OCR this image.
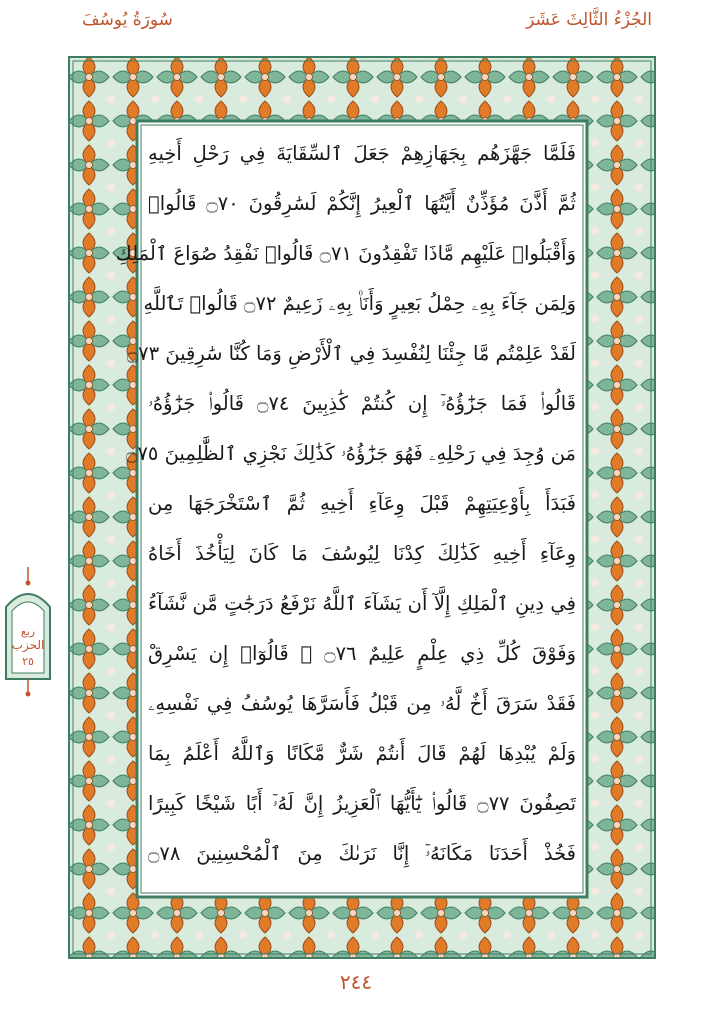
سُورَةُ يُوسُفَ	الجُزْءُ الثَّالِثَ عَشَرَ
فَلَمَّا جَهَّزَهُم بِجَهَازِهِمْ جَعَلَ ٱلسِّقَايَةَ فِي رَحْلِ أَخِيهِ
ثُمَّ أَذَّنَ مُؤَذِّنٌ أَيَّتُهَا ٱلْعِيرُ إِنَّكُمْ لَسَٰرِقُونَ ۝٧٠ قَالُوا۟
وَأَقْبَلُوا۟ عَلَيْهِم مَّاذَا تَفْقِدُونَ ۝٧١ قَالُوا۟ نَفْقِدُ صُوَاعَ ٱلْمَلِكِ
وَلِمَن جَآءَ بِهِۦ حِمْلُ بَعِيرٍ وَأَنَا۠ بِهِۦ زَعِيمٌ ۝٧٢ قَالُوا۟ تَٱللَّهِ
لَقَدْ عَلِمْتُم مَّا جِئْنَا لِنُفْسِدَ فِي ٱلْأَرْضِ وَمَا كُنَّا سَٰرِقِينَ ۝٧٣
قَالُوا۟ فَمَا جَزَٰٓؤُهُۥٓ إِن كُنتُمْ كَٰذِبِينَ ۝٧٤ قَالُوا۟ جَزَٰٓؤُهُۥ
مَن وُجِدَ فِي رَحْلِهِۦ فَهُوَ جَزَٰٓؤُهُۥ كَذَٰلِكَ نَجْزِي ٱلظَّٰلِمِينَ ۝٧٥
فَبَدَأَ بِأَوْعِيَتِهِمْ قَبْلَ وِعَآءِ أَخِيهِ ثُمَّ ٱسْتَخْرَجَهَا مِن
وِعَآءِ أَخِيهِ كَذَٰلِكَ كِدْنَا لِيُوسُفَ مَا كَانَ لِيَأْخُذَ أَخَاهُ
فِي دِينِ ٱلْمَلِكِ إِلَّآ أَن يَشَآءَ ٱللَّهُ نَرْفَعُ دَرَجَٰتٍ مَّن نَّشَآءُ
وَفَوْقَ كُلِّ ذِي عِلْمٍ عَلِيمٌ ۝٧٦ ۞ قَالُوٓا۟ إِن يَسْرِقْ
فَقَدْ سَرَقَ أَخٌ لَّهُۥ مِن قَبْلُ فَأَسَرَّهَا يُوسُفُ فِي نَفْسِهِۦ
وَلَمْ يُبْدِهَا لَهُمْ قَالَ أَنتُمْ شَرٌّ مَّكَانًا وَٱللَّهُ أَعْلَمُ بِمَا
تَصِفُونَ ۝٧٧ قَالُوا۟ يَٰٓأَيُّهَا ٱلْعَزِيزُ إِنَّ لَهُۥٓ أَبًا شَيْخًا كَبِيرًا
فَخُذْ أَحَدَنَا مَكَانَهُۥٓ إِنَّا نَرَىٰكَ مِنَ ٱلْمُحْسِنِينَ ۝٧٨
ربع
الحزب
٢٥
٢٤٤
